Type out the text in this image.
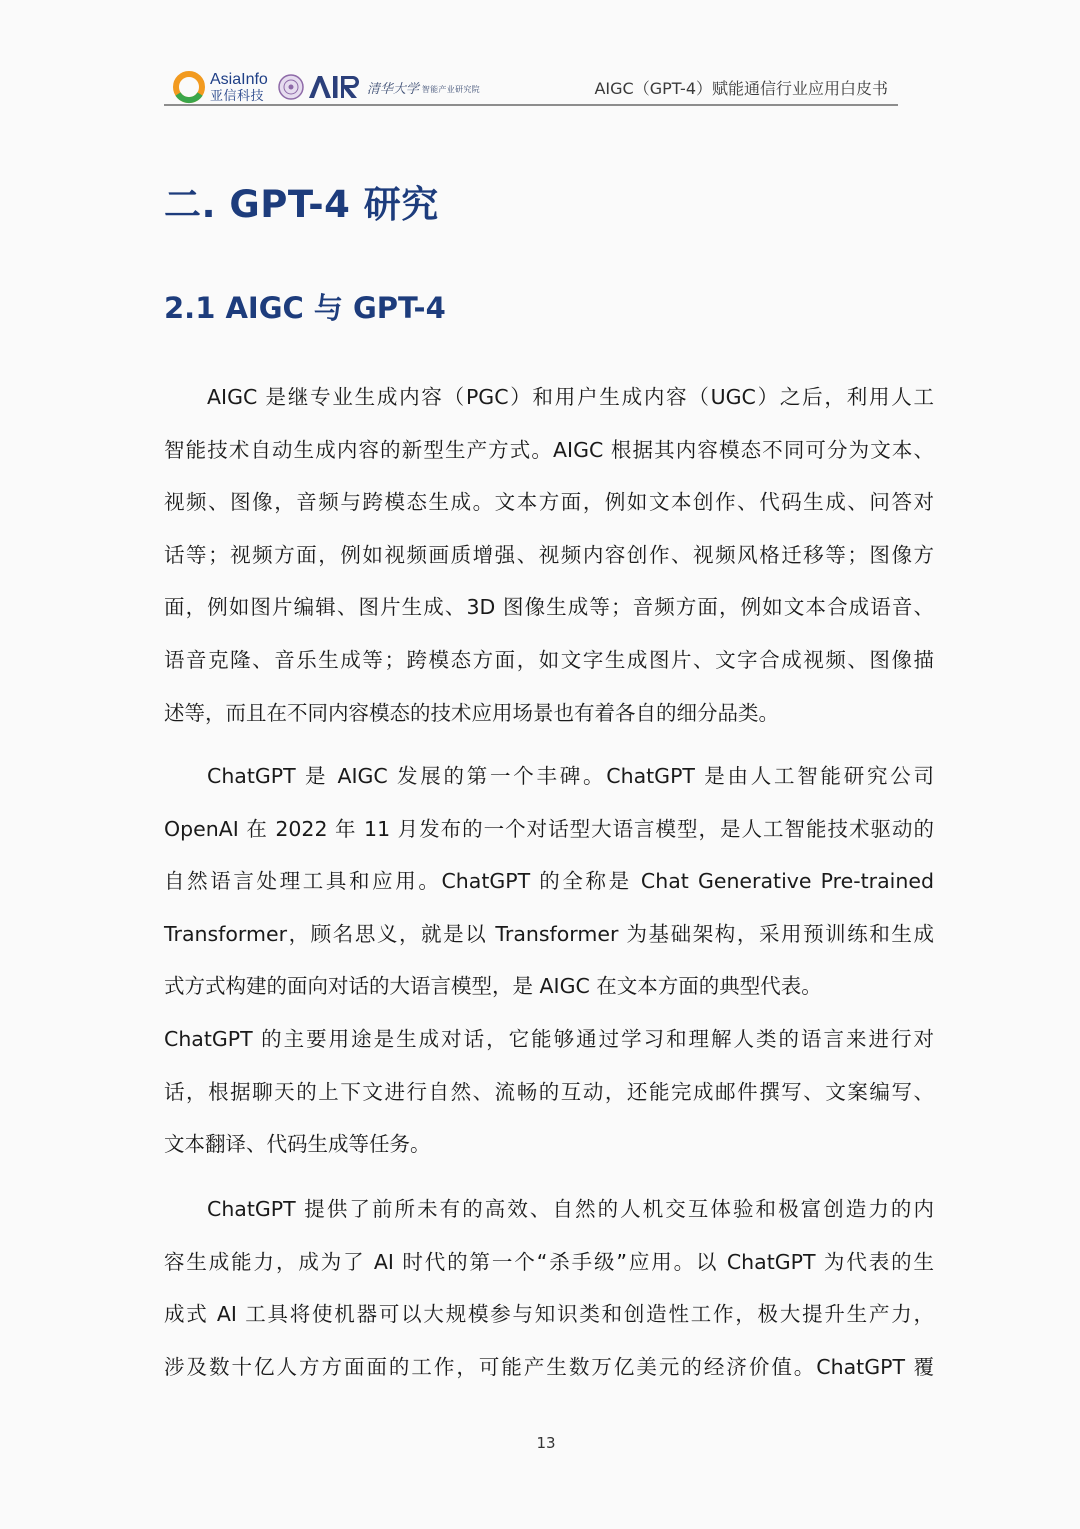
AsiaInfo
亚信科技	清华大学 智能产业研究院	AIGC（GPT-4）赋能通信行业应用白皮书
二. GPT-4 研究
2.1 AIGC 与 GPT-4
AIGC 是继专业生成内容（PGC）和用户生成内容（UGC）之后，利用人工
智能技术自动生成内容的新型生产方式。AIGC 根据其内容模态不同可分为文本、
视频、图像，音频与跨模态生成。文本方面，例如文本创作、代码生成、问答对
话等；视频方面，例如视频画质增强、视频内容创作、视频风格迁移等；图像方
面，例如图片编辑、图片生成、3D 图像生成等；音频方面，例如文本合成语音、
语音克隆、音乐生成等；跨模态方面，如文字生成图片、文字合成视频、图像描
述等，而且在不同内容模态的技术应用场景也有着各自的细分品类。
ChatGPT 是 AIGC 发展的第一个丰碑。ChatGPT 是由人工智能研究公司
OpenAI 在 2022 年 11 月发布的一个对话型大语言模型，是人工智能技术驱动的
自然语言处理工具和应用。ChatGPT 的全称是 Chat Generative Pre-trained
Transformer，顾名思义，就是以 Transformer 为基础架构，采用预训练和生成
式方式构建的面向对话的大语言模型，是 AIGC 在文本方面的典型代表。
ChatGPT 的主要用途是生成对话，它能够通过学习和理解人类的语言来进行对
话，根据聊天的上下文进行自然、流畅的互动，还能完成邮件撰写、文案编写、
文本翻译、代码生成等任务。
ChatGPT 提供了前所未有的高效、自然的人机交互体验和极富创造力的内
容生成能力，成为了 AI 时代的第一个“杀手级”应用。以 ChatGPT 为代表的生
成式 AI 工具将使机器可以大规模参与知识类和创造性工作，极大提升生产力，
涉及数十亿人方方面面的工作，可能产生数万亿美元的经济价值。ChatGPT 覆
13
